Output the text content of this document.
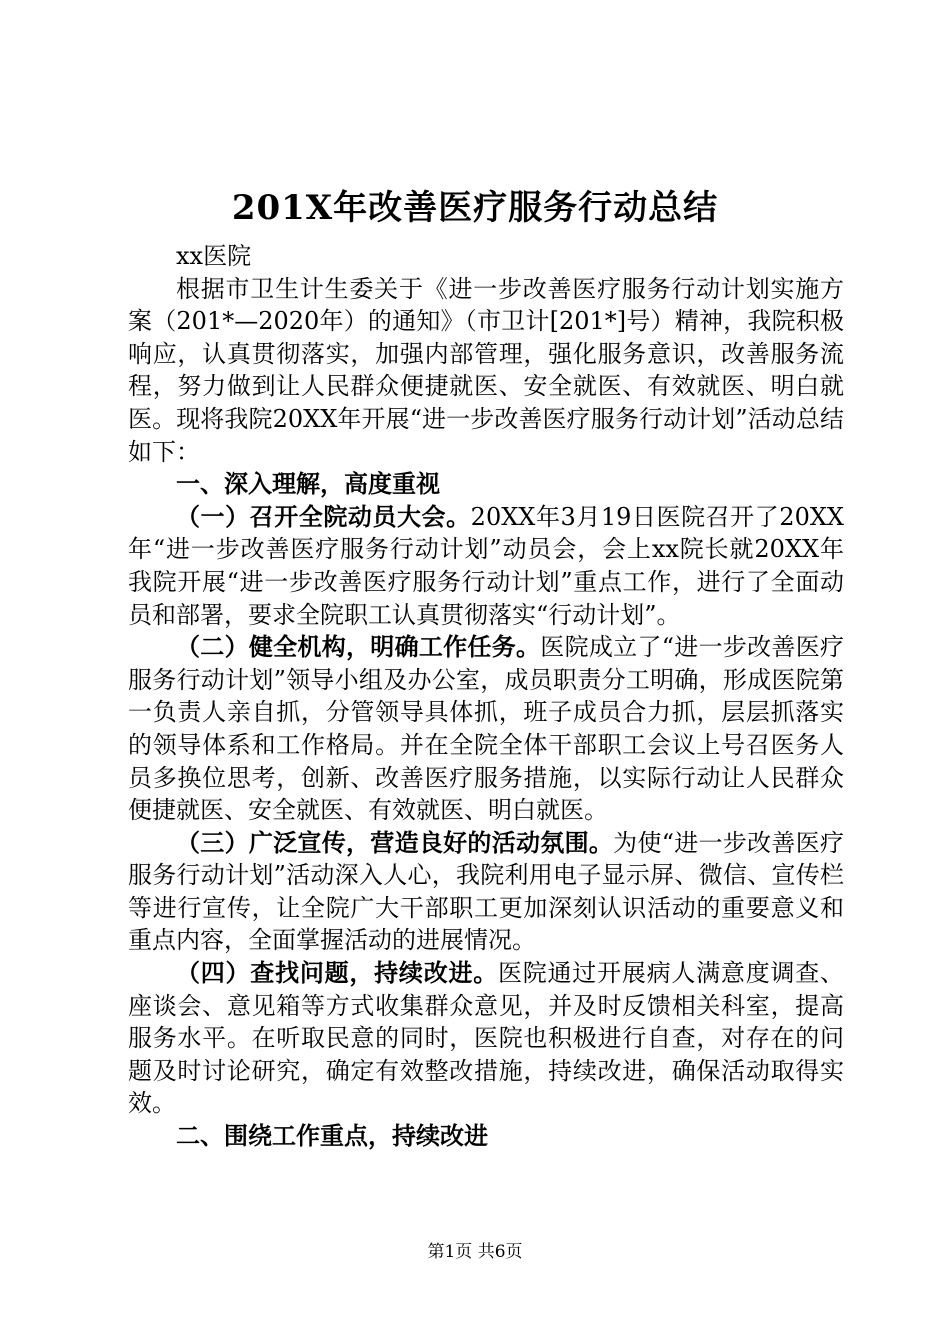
201X年改善医疗服务行动总结

xx医院

根据市卫生计生委关于《进一步改善医疗服务行动计划实施方案（201*—2020年）的通知》（市卫计[201*]号）精神，我院积极响应，认真贯彻落实，加强内部管理，强化服务意识，改善服务流程，努力做到让人民群众便捷就医、安全就医、有效就医、明白就医。现将我院20XX年开展“进一步改善医疗服务行动计划”活动总结如下：

一、深入理解，高度重视

（一）召开全院动员大会。20XX年3月19日医院召开了20XX年“进一步改善医疗服务行动计划”动员会，会上xx院长就20XX年我院开展“进一步改善医疗服务行动计划”重点工作，进行了全面动员和部署，要求全院职工认真贯彻落实“行动计划”。

（二）健全机构，明确工作任务。医院成立了“进一步改善医疗服务行动计划”领导小组及办公室，成员职责分工明确，形成医院第一负责人亲自抓，分管领导具体抓，班子成员合力抓，层层抓落实的领导体系和工作格局。并在全院全体干部职工会议上号召医务人员多换位思考，创新、改善医疗服务措施，以实际行动让人民群众便捷就医、安全就医、有效就医、明白就医。

（三）广泛宣传，营造良好的活动氛围。为使“进一步改善医疗服务行动计划”活动深入人心，我院利用电子显示屏、微信、宣传栏等进行宣传，让全院广大干部职工更加深刻认识活动的重要意义和重点内容，全面掌握活动的进展情况。

（四）查找问题，持续改进。医院通过开展病人满意度调查、座谈会、意见箱等方式收集群众意见，并及时反馈相关科室，提高服务水平。在听取民意的同时，医院也积极进行自查，对存在的问题及时讨论研究，确定有效整改措施，持续改进，确保活动取得实效。

二、围绕工作重点，持续改进

第1页 共6页
